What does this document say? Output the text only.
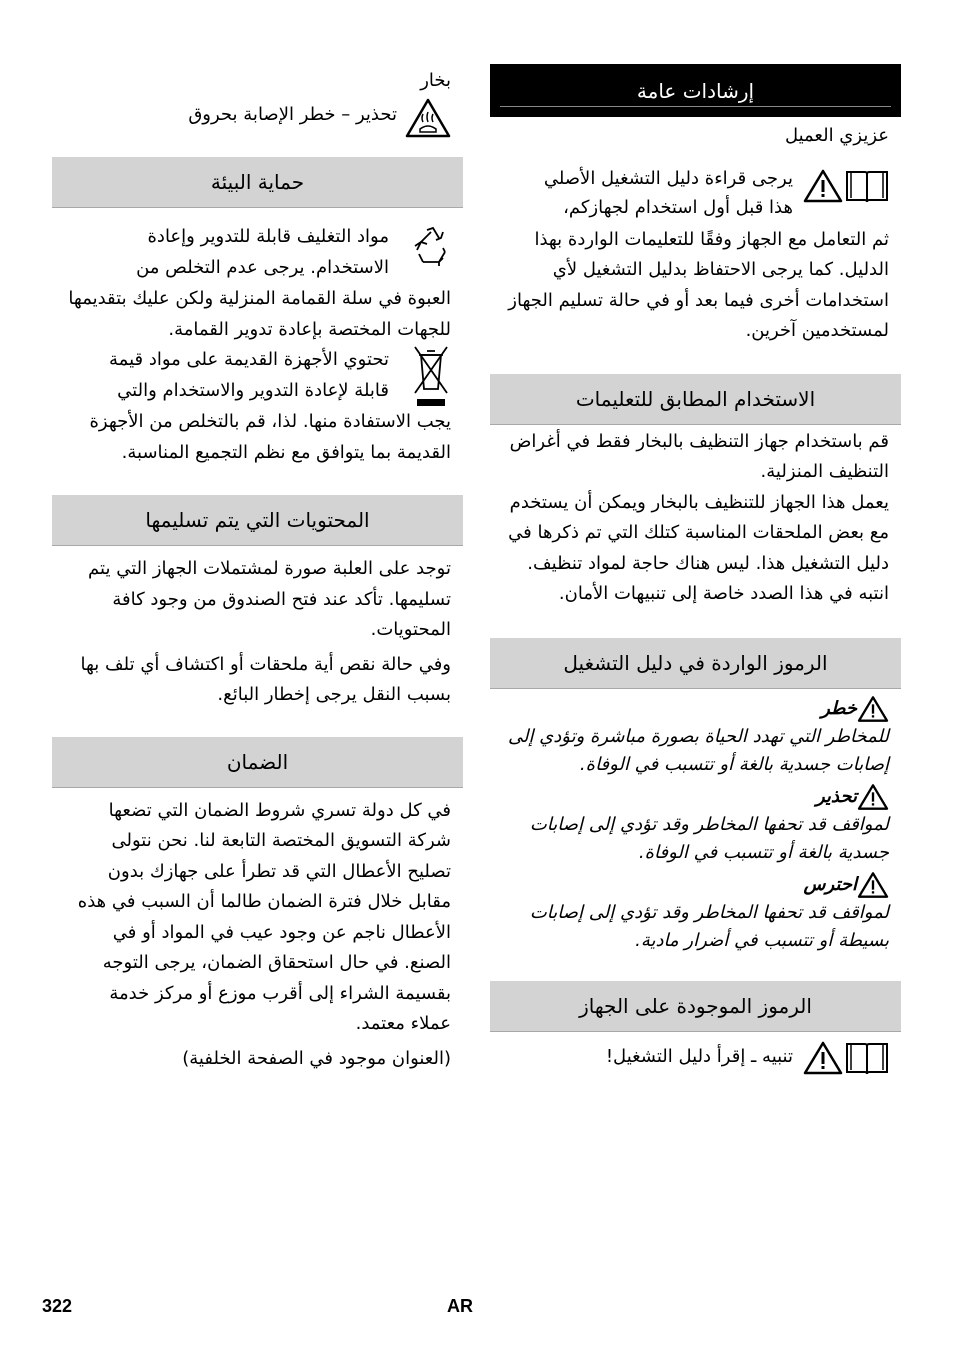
إرشادات عامة

عزيزي العميل

يرجى قراءة دليل التشغيل الأصلي

هذا قبل أول استخدام لجهازكم،

ثم التعامل مع الجهاز وفقًا للتعليمات الواردة بهذا الدليل. كما يرجى الاحتفاظ بدليل التشغيل لأي استخدامات أخرى فيما بعد أو في حالة تسليم الجهاز لمستخدمين آخرين.

الاستخدام المطابق للتعليمات

قم باستخدام جهاز التنظيف بالبخار فقط في أغراض التنظيف المنزلية.

يعمل هذا الجهاز للتنظيف بالبخار ويمكن أن يستخدم مع بعض الملحقات المناسبة كتلك التي تم ذكرها في دليل التشغيل هذا. ليس هناك حاجة لمواد تنظيف. انتبه في هذا الصدد خاصة إلى تنبيهات الأمان.

الرموز الواردة في دليل التشغيل

خطر

للمخاطر التي تهدد الحياة بصورة مباشرة وتؤدي إلى إصابات جسدية بالغة أو تتسبب في الوفاة.

تحذير

لمواقف قد تحفها المخاطر وقد تؤدي إلى إصابات جسدية بالغة أو تتسبب في الوفاة.

احترس

لمواقف قد تحفها المخاطر وقد تؤدي إلى إصابات بسيطة أو تتسبب في أضرار مادية.

الرموز الموجودة على الجهاز

تنبيه ـ إقرأ دليل التشغيل!

بخار

تحذير – خطر الإصابة بحروق

حماية البيئة

مواد التغليف قابلة للتدوير وإعادة

الاستخدام. يرجى عدم التخلص من

العبوة في سلة القمامة المنزلية ولكن عليك بتقديمها للجهات المختصة بإعادة تدوير القمامة.

تحتوي الأجهزة القديمة على مواد قيمة

قابلة لإعادة التدوير والاستخدام والتي

يجب الاستفادة منها. لذا، قم بالتخلص من الأجهزة القديمة بما يتوافق مع نظم التجميع المناسبة.

المحتويات التي يتم تسليمها

توجد على العلبة صورة لمشتملات الجهاز التي يتم تسليمها. تأكد عند فتح الصندوق من وجود كافة المحتويات.

وفي حالة نقص أية ملحقات أو اكتشاف أي تلف بها بسبب النقل يرجى إخطار البائع.

الضمان

في كل دولة تسري شروط الضمان التي تضعها شركة التسويق المختصة التابعة لنا. نحن نتولى تصليح الأعطال التي قد تطرأ على جهازك بدون مقابل خلال فترة الضمان طالما أن السبب في هذه الأعطال ناجم عن وجود عيب في المواد أو في الصنع. في حال استحقاق الضمان، يرجى التوجه بقسيمة الشراء إلى أقرب موزع أو مركز خدمة عملاء معتمد.

(العنوان موجود في الصفحة الخلفية)

322	AR
